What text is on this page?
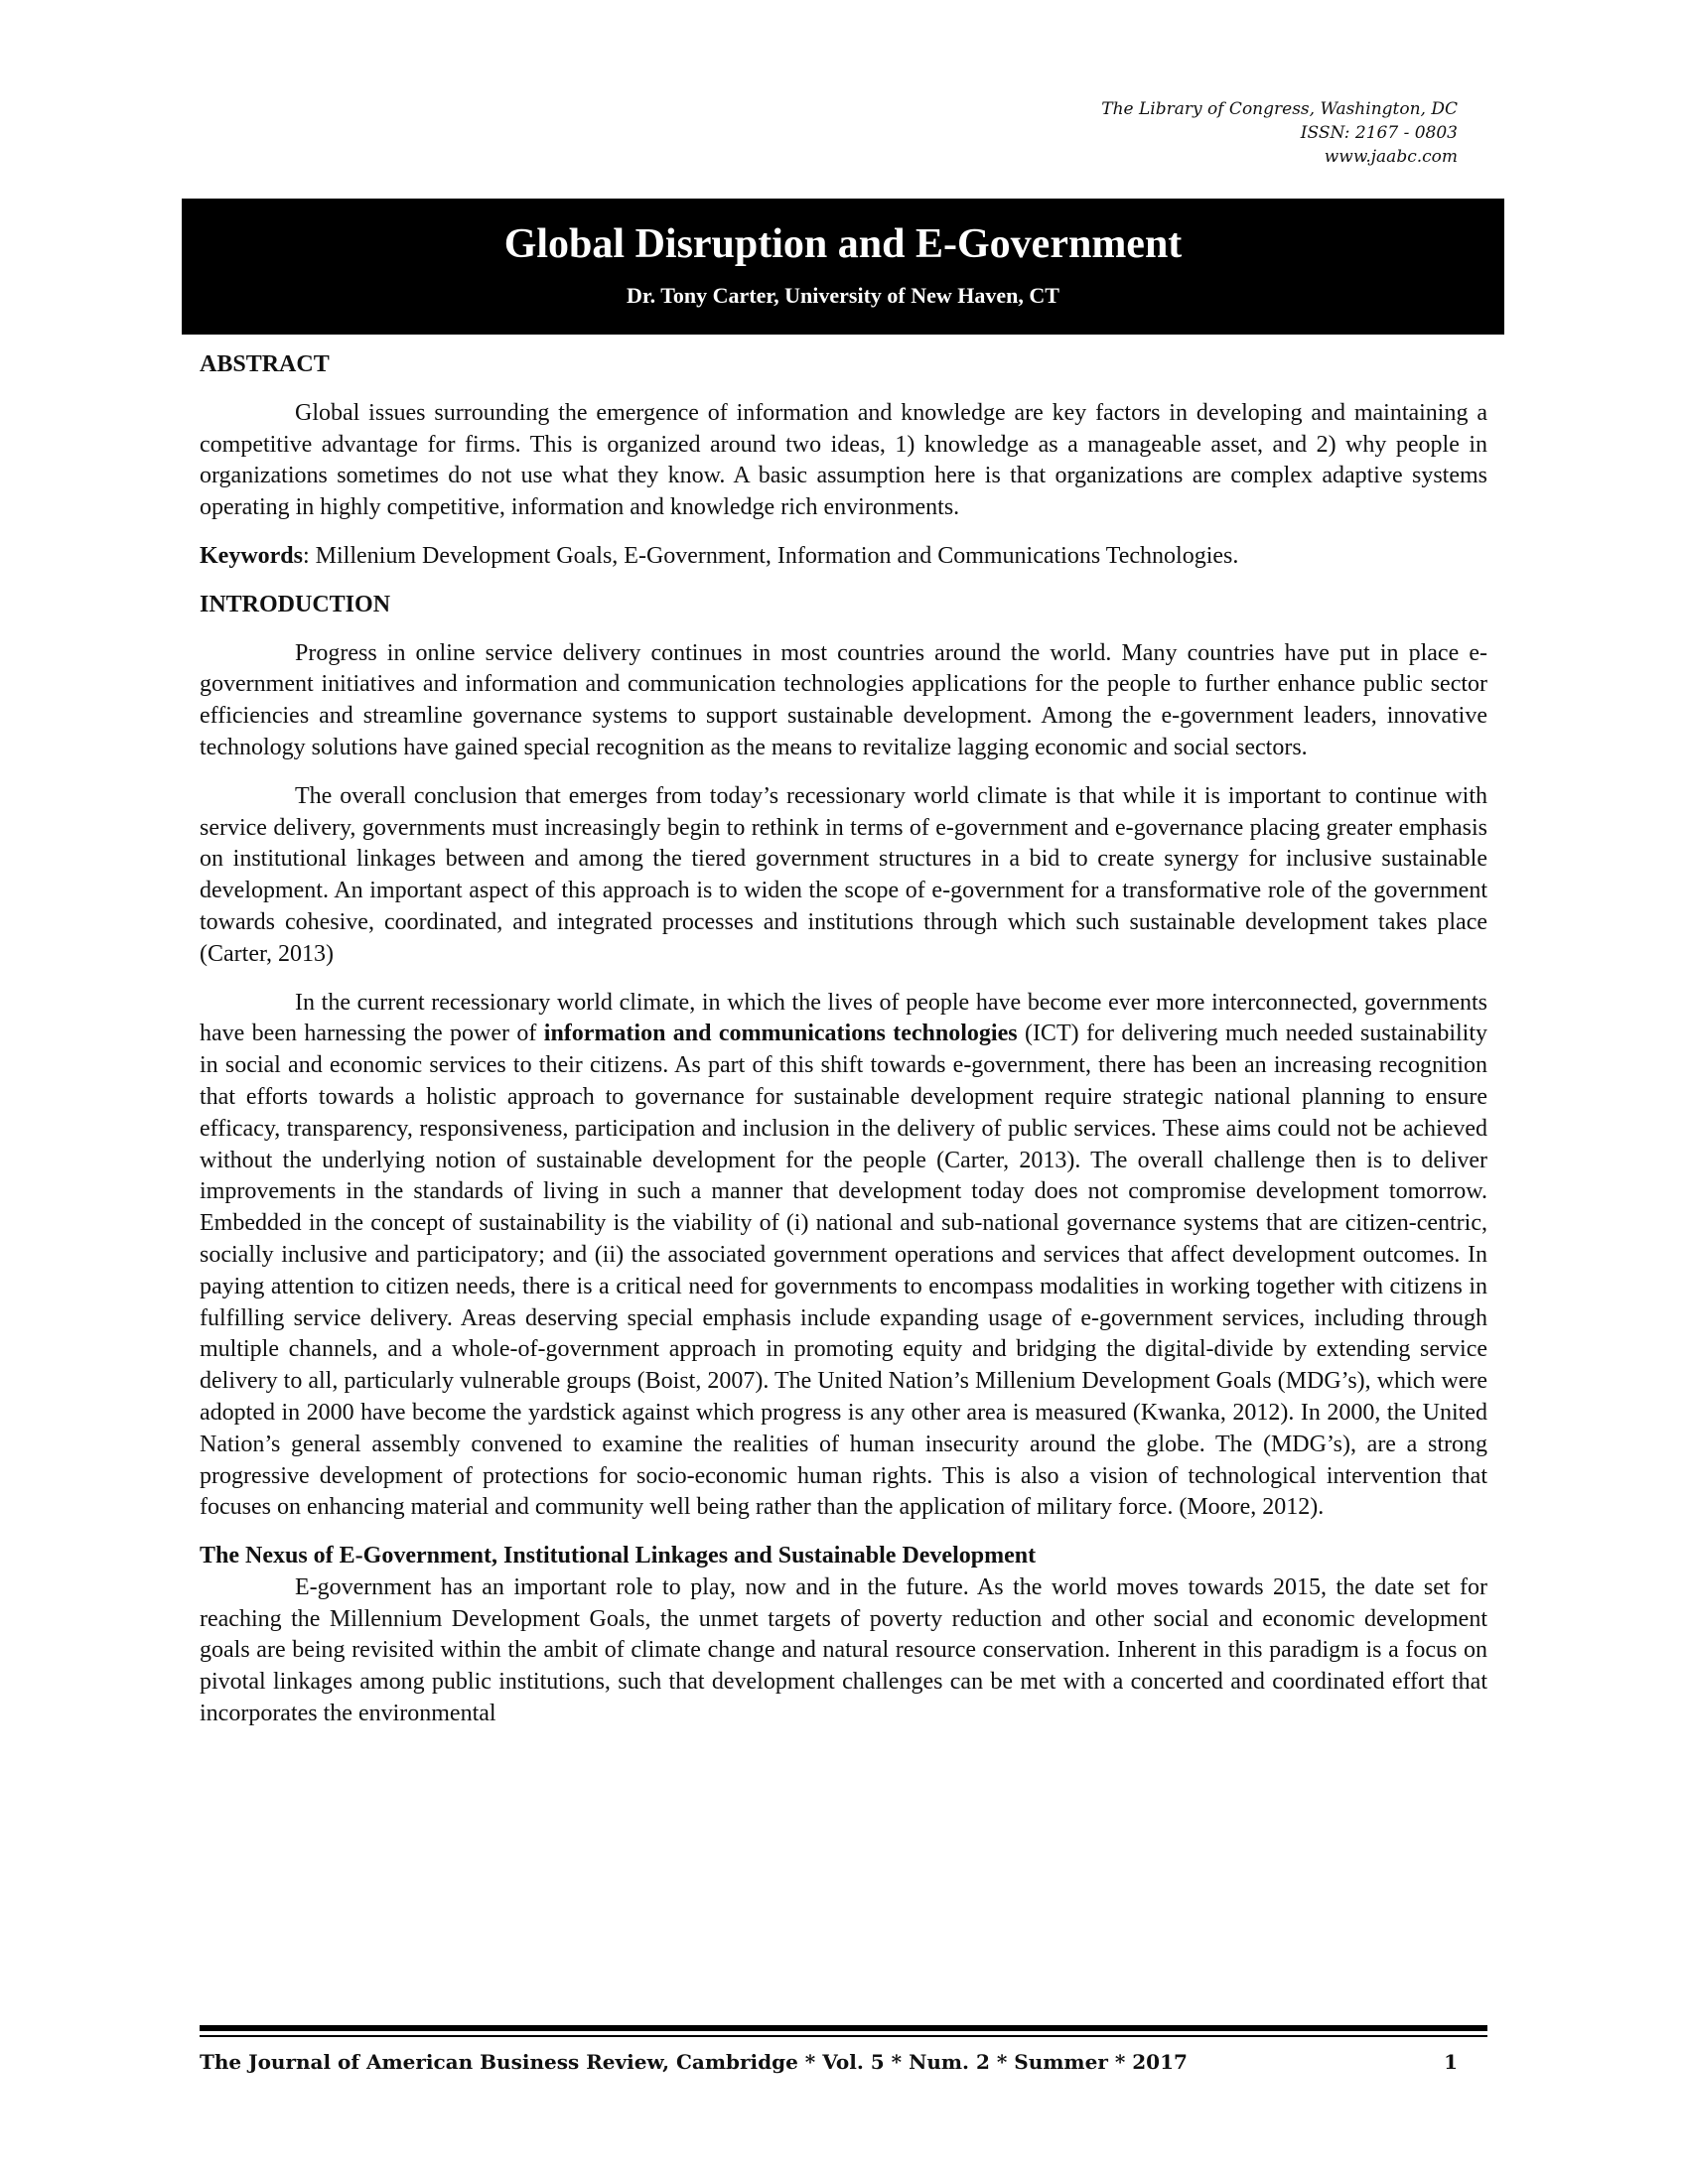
The Library of Congress, Washington, DC
ISSN: 2167 - 0803
www.jaabc.com
Global Disruption and E-Government
Dr. Tony Carter, University of New Haven, CT

ABSTRACT

Global issues surrounding the emergence of information and knowledge are key factors in developing and maintaining a competitive advantage for firms. This is organized around two ideas, 1) knowledge as a manageable asset, and 2) why people in organizations sometimes do not use what they know. A basic assumption here is that organizations are complex adaptive systems operating in highly competitive, information and knowledge rich environments.

Keywords: Millenium Development Goals, E-Government, Information and Communications Technologies.

INTRODUCTION

Progress in online service delivery continues in most countries around the world. Many countries have put in place e-government initiatives and information and communication technologies applications for the people to further enhance public sector efficiencies and streamline governance systems to support sustainable development. Among the e-government leaders, innovative technology solutions have gained special recognition as the means to revitalize lagging economic and social sectors.

The overall conclusion that emerges from today’s recessionary world climate is that while it is important to continue with service delivery, governments must increasingly begin to rethink in terms of e-government and e-governance placing greater emphasis on institutional linkages between and among the tiered government structures in a bid to create synergy for inclusive sustainable development. An important aspect of this approach is to widen the scope of e-government for a transformative role of the government towards cohesive, coordinated, and integrated processes and institutions through which such sustainable development takes place (Carter, 2013)

In the current recessionary world climate, in which the lives of people have become ever more interconnected, governments have been harnessing the power of information and communications technologies (ICT) for delivering much needed sustainability in social and economic services to their citizens. As part of this shift towards e-government, there has been an increasing recognition that efforts towards a holistic approach to governance for sustainable development require strategic national planning to ensure efficacy, transparency, responsiveness, participation and inclusion in the delivery of public services. These aims could not be achieved without the underlying notion of sustainable development for the people (Carter, 2013). The overall challenge then is to deliver improvements in the standards of living in such a manner that development today does not compromise development tomorrow. Embedded in the concept of sustainability is the viability of (i) national and sub-national governance systems that are citizen-centric, socially inclusive and participatory; and (ii) the associated government operations and services that affect development outcomes. In paying attention to citizen needs, there is a critical need for governments to encompass modalities in working together with citizens in fulfilling service delivery. Areas deserving special emphasis include expanding usage of e-government services, including through multiple channels, and a whole-of-government approach in promoting equity and bridging the digital-divide by extending service delivery to all, particularly vulnerable groups (Boist, 2007). The United Nation’s Millenium Development Goals (MDG’s), which were adopted in 2000 have become the yardstick against which progress is any other area is measured (Kwanka, 2012). In 2000, the United Nation’s general assembly convened to examine the realities of human insecurity around the globe. The (MDG’s), are a strong progressive development of protections for socio-economic human rights. This is also a vision of technological intervention that focuses on enhancing material and community well being rather than the application of military force. (Moore, 2012).

The Nexus of E-Government, Institutional Linkages and Sustainable Development

E-government has an important role to play, now and in the future. As the world moves towards 2015, the date set for reaching the Millennium Development Goals, the unmet targets of poverty reduction and other social and economic development goals are being revisited within the ambit of climate change and natural resource conservation. Inherent in this paradigm is a focus on pivotal linkages among public institutions, such that development challenges can be met with a concerted and coordinated effort that incorporates the environmental

The Journal of American Business Review, Cambridge * Vol. 5 * Num. 2 * Summer * 2017	1
